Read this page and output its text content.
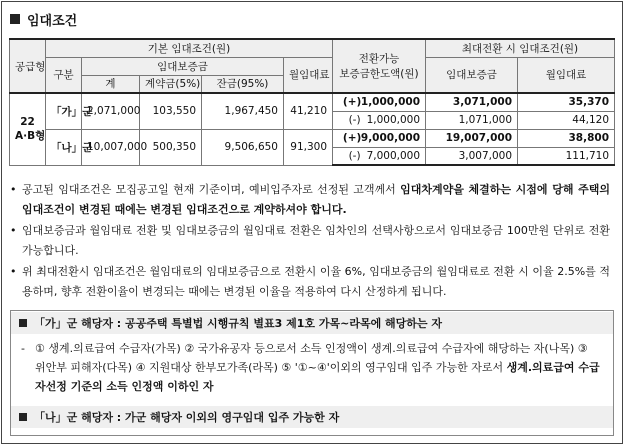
임대조건
공급형	기본 임대조건(원)					전환가능
보증금한도액(원)	최대전환 시 임대조건(원)	
	구분	임대보증금			월임대료		임대보증금	월임대료
		계	계약금(5%)	잔금(95%)				

22
A·B형	「가」군	2,071,000	103,550	1,967,450	41,210	(+)1,000,000	3,071,000	35,370
						(-) 1,000,000	1,071,000	44,120
	「나」군	10,007,000	500,350	9,506,650	91,300	(+)9,000,000	19,007,000	38,800
						(-) 7,000,000	3,007,000	111,710
• 공고된 임대조건은 모집공고일 현재 기준이며, 예비입주자로 선정된 고객께서 임대차계약을 체결하는 시점에 당해 주택의 임대조건이 변경된 때에는 변경된 임대조건으로 계약하셔야 합니다.
• 임대보증금과 월임대료 전환 및 임대보증금의 월임대료 전환은 임차인의 선택사항으로서 임대보증금 100만원 단위로 전환 가능합니다.
• 위 최대전환시 임대조건은 월임대료의 임대보증금으로 전환시 이율 6%, 임대보증금의 월임대료로 전환 시 이율 2.5%를 적용하며, 향후 전환이율이 변경되는 때에는 변경된 이율을 적용하여 다시 산정하게 됩니다.
「가」군 해당자 : 공공주택 특별법 시행규칙 별표3 제1호 가목~라목에 해당하는 자
- ① 생계.의료급여 수급자(가목) ② 국가유공자 등으로서 소득 인정액이 생계.의료급여 수급자에 해당하는 자(나목) ③ 위안부 피해자(다목) ④ 지원대상 한부모가족(라목) ⑤ '①~④'이외의 영구임대 입주 가능한 자로서 생계.의료급여 수급자선정 기준의 소득 인정액 이하인 자
「나」군 해당자 : 가군 해당자 이외의 영구임대 입주 가능한 자
